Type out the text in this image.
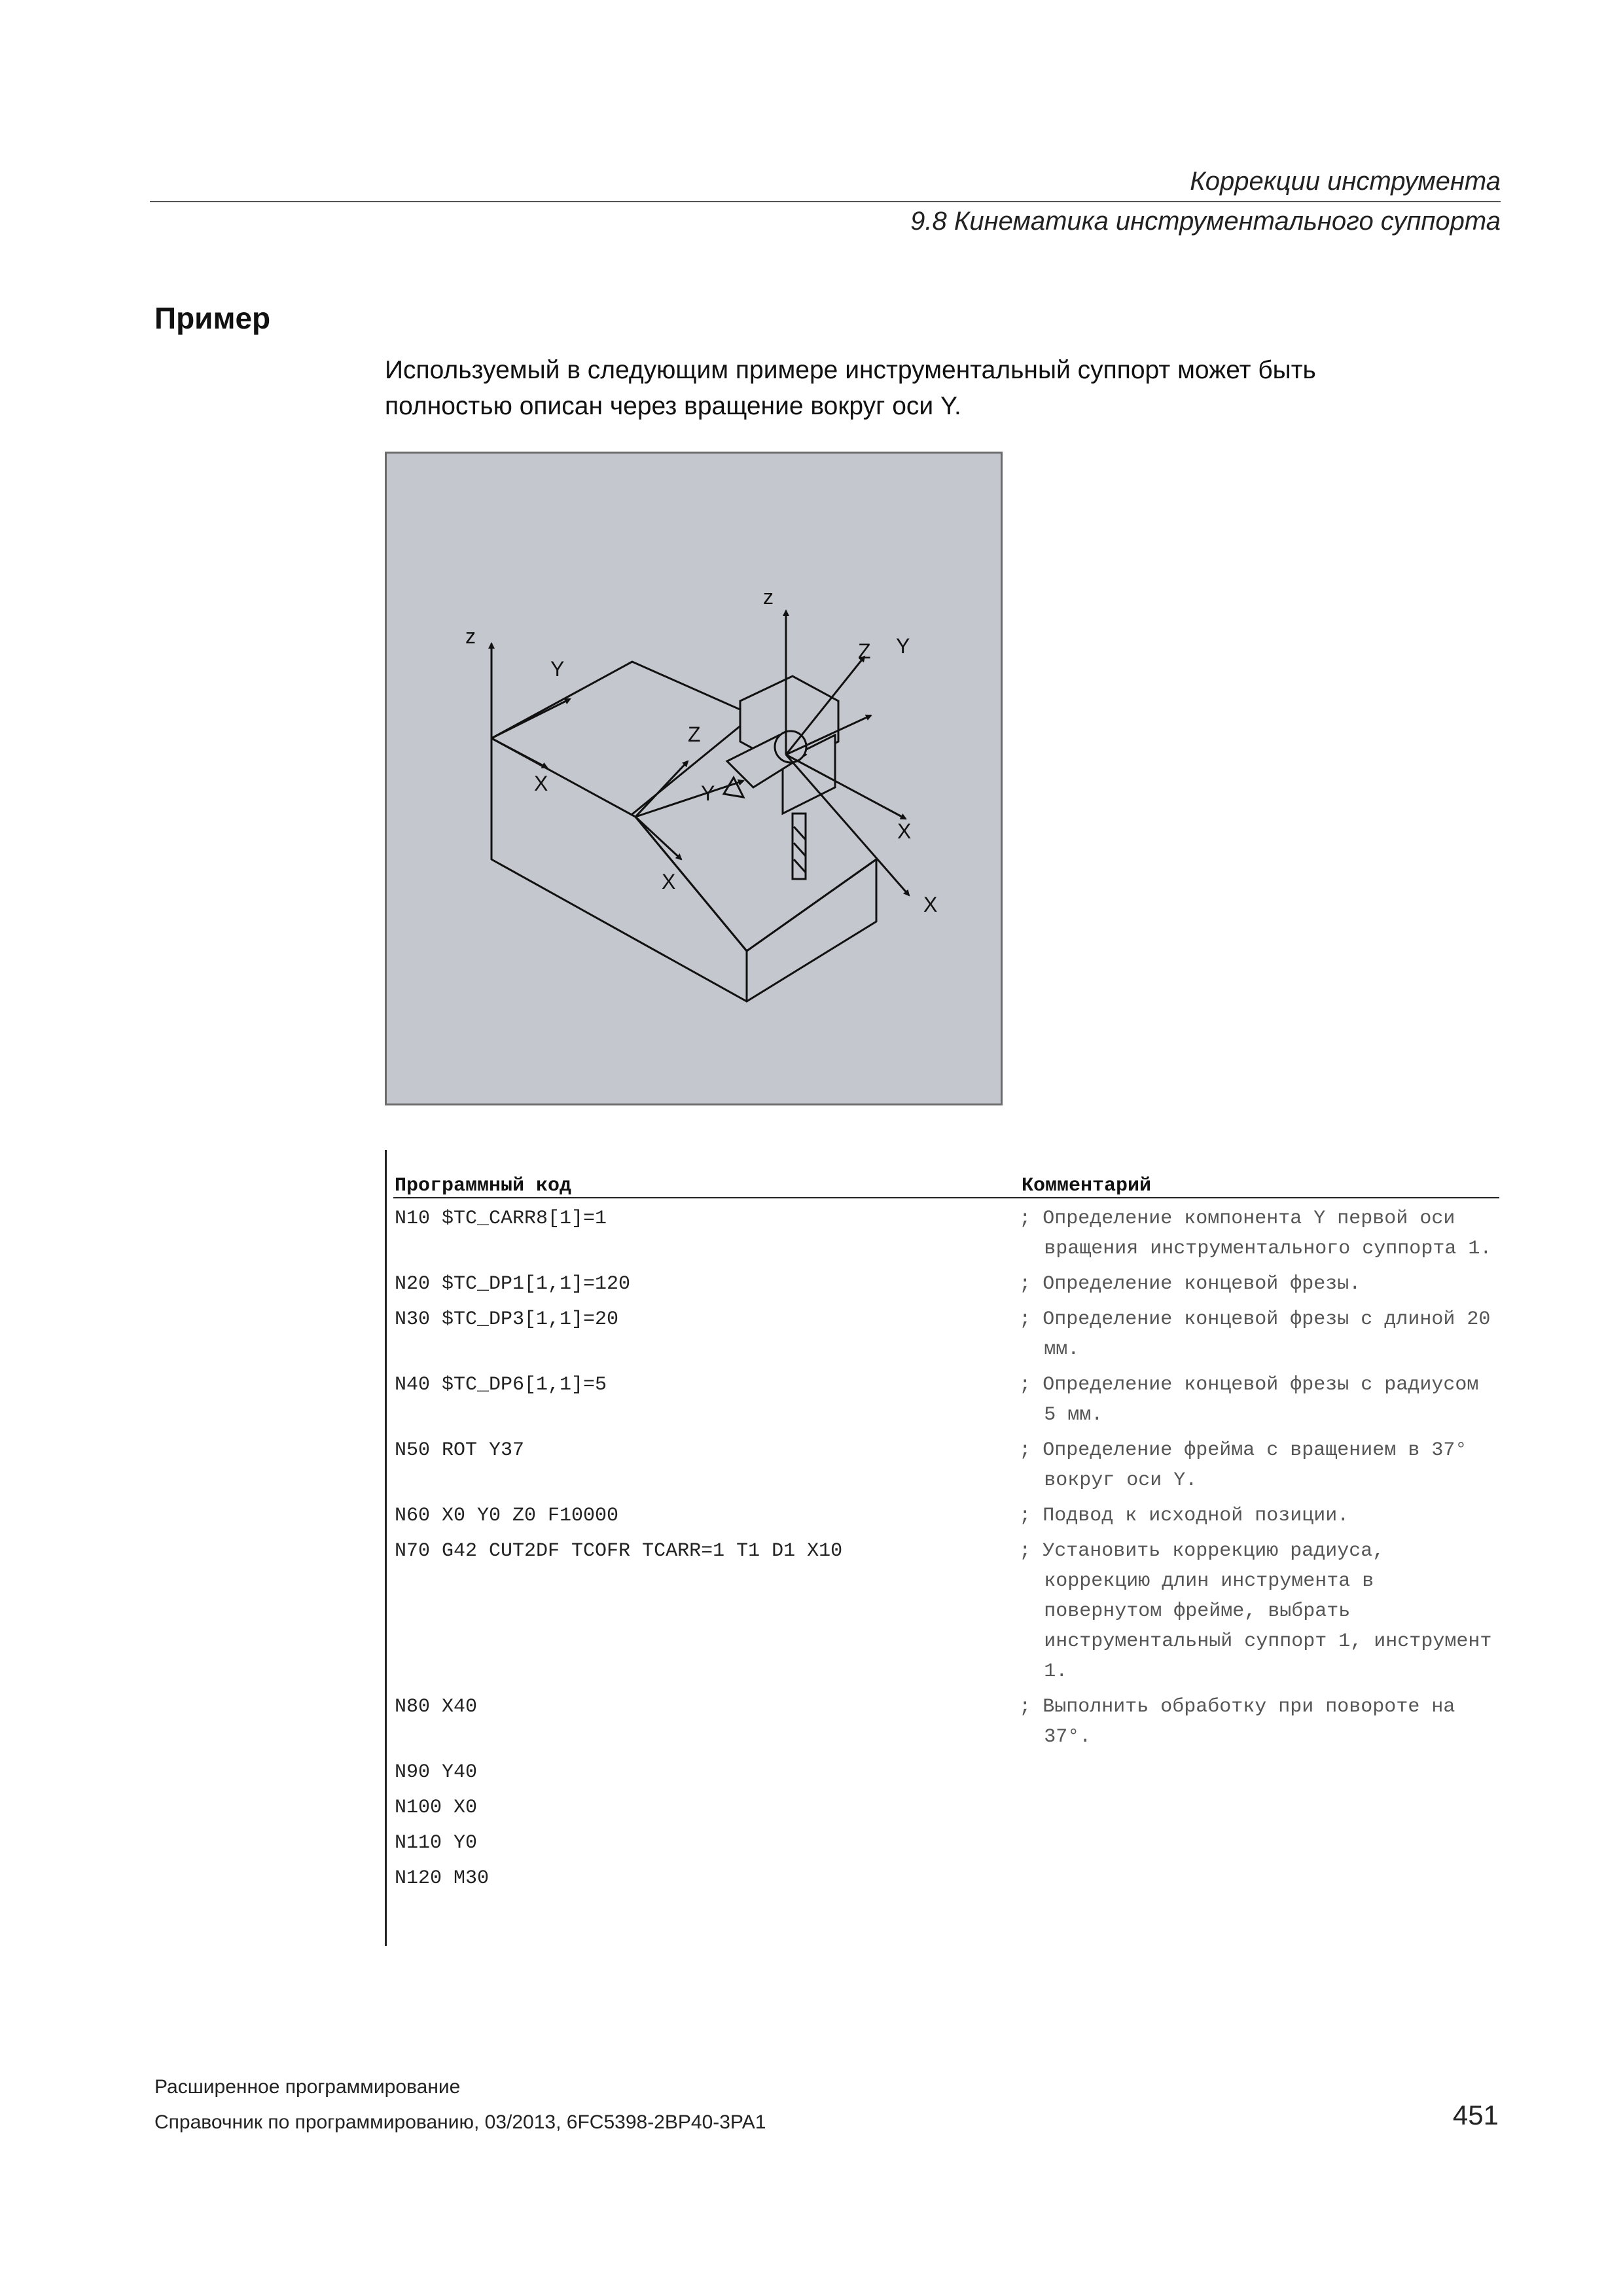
Коррекции инструмента
9.8 Кинематика инструментального суппорта
Пример

Используемый в следующим примере инструментальный суппорт может быть

полностью описан через вращение вокруг оси Y.

z
Y
X
z
Z
Y
Z Y
X
X
X
Программный код	Комментарий
N10 $TC_CARR8[1]=1	; Определение компонента Y первой оси вращения инструментального суппорта 1.
N20 $TC_DP1[1,1]=120	; Определение концевой фрезы.
N30 $TC_DP3[1,1]=20	; Определение концевой фрезы с длиной 20 мм.
N40 $TC_DP6[1,1]=5	; Определение концевой фрезы с радиусом 5 мм.
N50 ROT Y37	; Определение фрейма с вращением в 37° вокруг оси Y.
N60 X0 Y0 Z0 F10000	; Подвод к исходной позиции.
N70 G42 CUT2DF TCOFR TCARR=1 T1 D1 X10	; Установить коррекцию радиуса, коррекцию длин инструмента в повернутом фрейме, выбрать инструментальный суппорт 1, инструмент 1.
N80 X40	; Выполнить обработку при повороте на 37°.
N90 Y40
N100 X0
N110 Y0
N120 M30
Расширенное программирование
Справочник по программированию, 03/2013, 6FC5398-2BP40-3PA1	451
